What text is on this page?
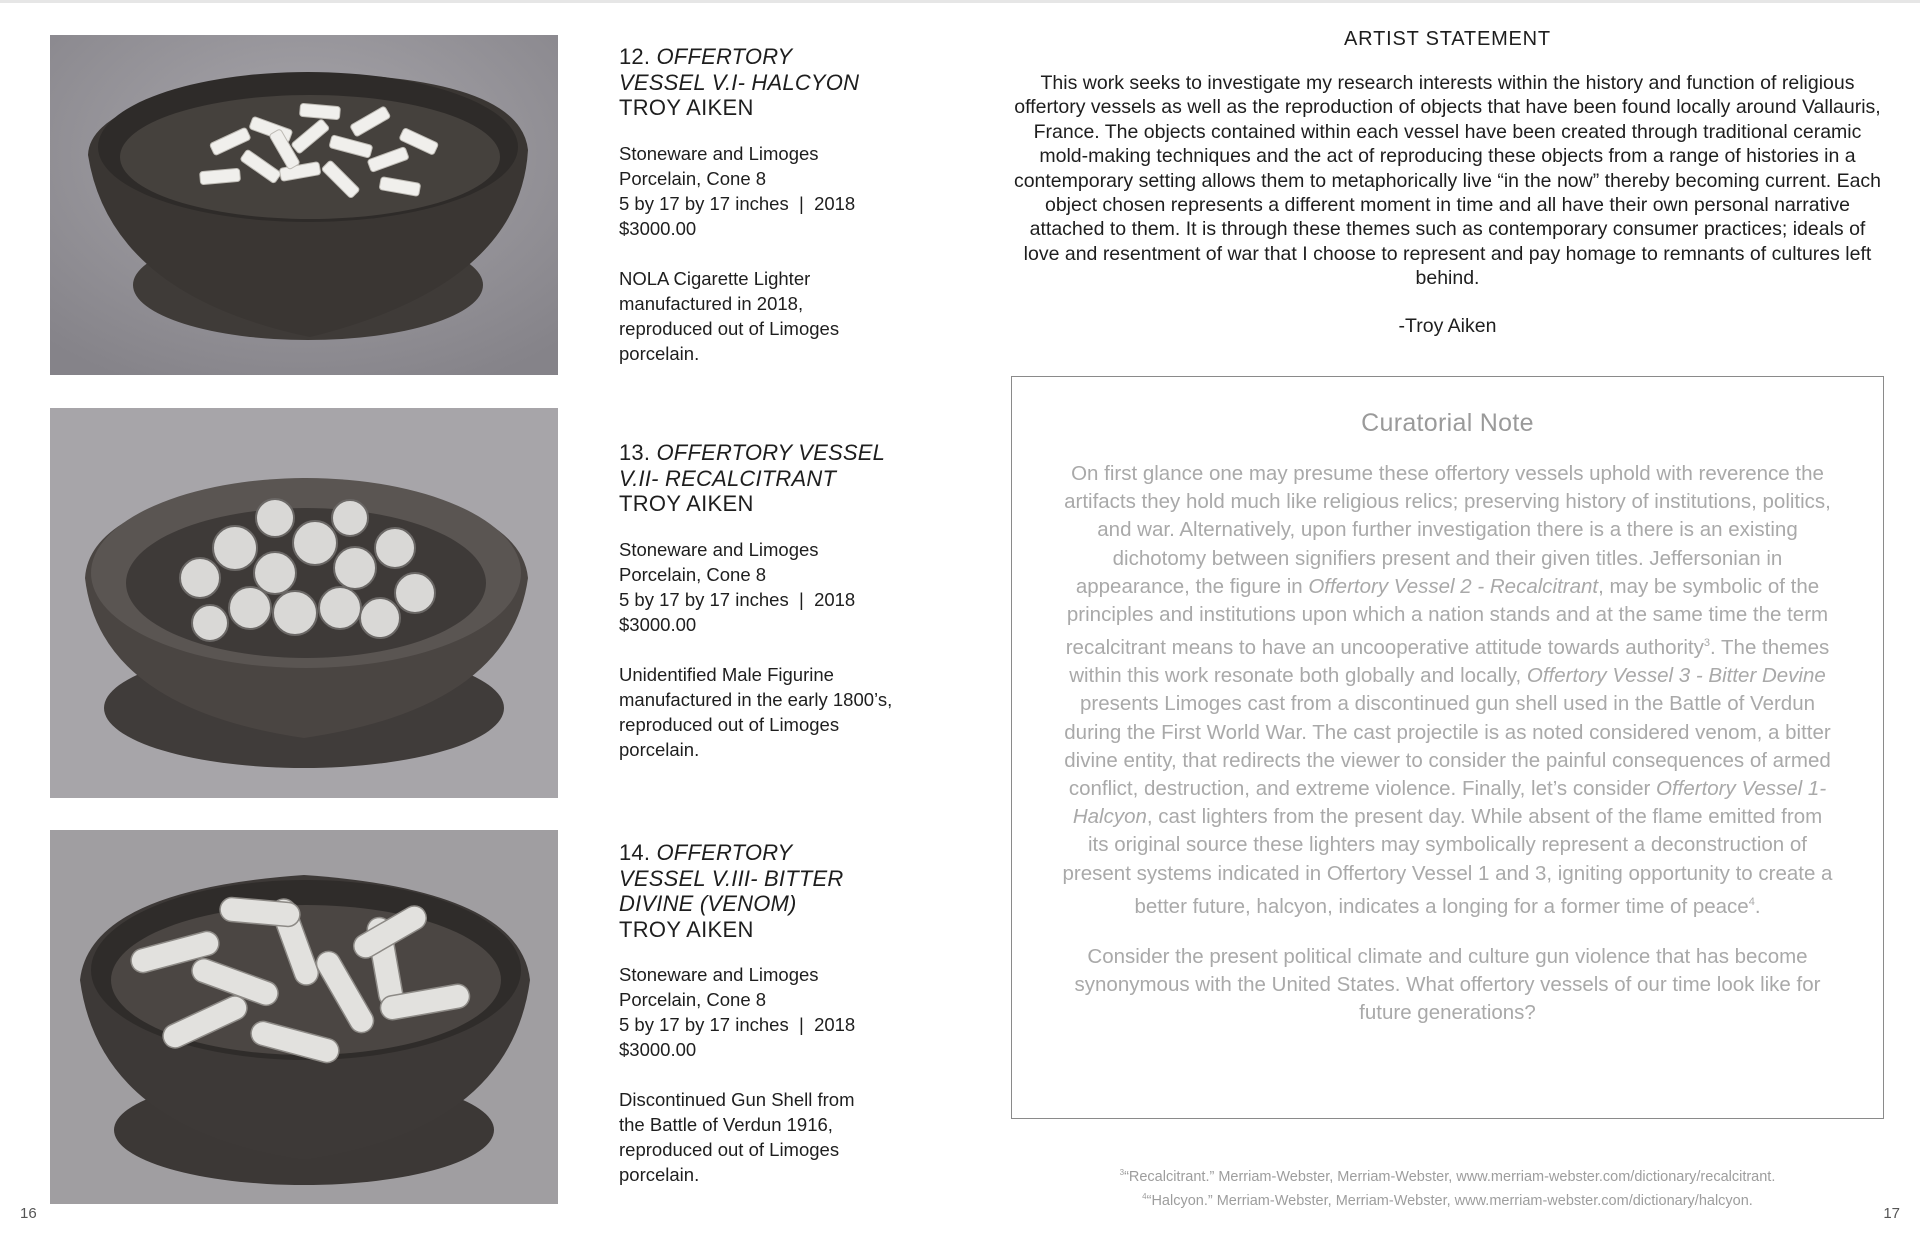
12. OFFERTORY
VESSEL V.I- HALCYON
TROY AIKEN

Stoneware and Limoges

Porcelain, Cone 8

5 by 17 by 17 inches  |  2018

$3000.00

NOLA Cigarette Lighter

manufactured in 2018,

reproduced out of Limoges

porcelain.

13. OFFERTORY VESSEL
V.II- RECALCITRANT
TROY AIKEN

Stoneware and Limoges

Porcelain, Cone 8

5 by 17 by 17 inches  |  2018

$3000.00

Unidentified Male Figurine

manufactured in the early 1800’s,

reproduced out of Limoges

porcelain.

14. OFFERTORY
VESSEL V.III- BITTER
DIVINE (VENOM)
TROY AIKEN

Stoneware and Limoges

Porcelain, Cone 8

5 by 17 by 17 inches  |  2018

$3000.00

Discontinued Gun Shell from

the Battle of Verdun 1916,

reproduced out of Limoges

porcelain.

ARTIST STATEMENT

This work seeks to investigate my research interests within the history and function of religious offertory vessels as well as the reproduction of objects that have been found locally around Vallauris, France. The objects contained within each vessel have been created through traditional ceramic mold-making techniques and the act of reproducing these objects from a range of histories in a contemporary setting allows them to metaphorically live “in the now” thereby becoming current. Each object chosen represents a different moment in time and all have their own personal narrative attached to them. It is through these themes such as contemporary consumer practices; ideals of love and resentment of war that I choose to represent and pay homage to remnants of cultures left behind.

-Troy Aiken
Curatorial Note

On first glance one may presume these offertory vessels uphold with reverence the artifacts they hold much like religious relics; preserving history of institutions, politics, and war. Alternatively, upon further investigation there is a there is an existing dichotomy between signifiers present and their given titles. Jeffersonian in appearance, the figure in Offertory Vessel 2 - Recalcitrant, may be symbolic of the principles and institutions upon which a nation stands and at the same time the term recalcitrant means to have an uncooperative attitude towards authority$^3$. The themes within this work resonate both globally and locally, Offertory Vessel 3 - Bitter Devine presents Limoges cast from a discontinued gun shell used in the Battle of Verdun during the First World War. The cast projectile is as noted considered venom, a bitter divine entity, that redirects the viewer to consider the painful consequences of armed conflict, destruction, and extreme violence. Finally, let’s consider Offertory Vessel 1- Halcyon, cast lighters from the present day. While absent of the flame emitted from its original source these lighters may symbolically represent a deconstruction of present systems indicated in Offertory Vessel 1 and 3, igniting opportunity to create a better future, halcyon, indicates a longing for a former time of peace$^4$.

Consider the present political climate and culture gun violence that has become synonymous with the United States. What offertory vessels of our time look like for future generations?

$^3$“Recalcitrant.” Merriam-Webster, Merriam-Webster, www.merriam-webster.com/dictionary/recalcitrant.
$^4$“Halcyon.” Merriam-Webster, Merriam-Webster, www.merriam-webster.com/dictionary/halcyon.
16	17
